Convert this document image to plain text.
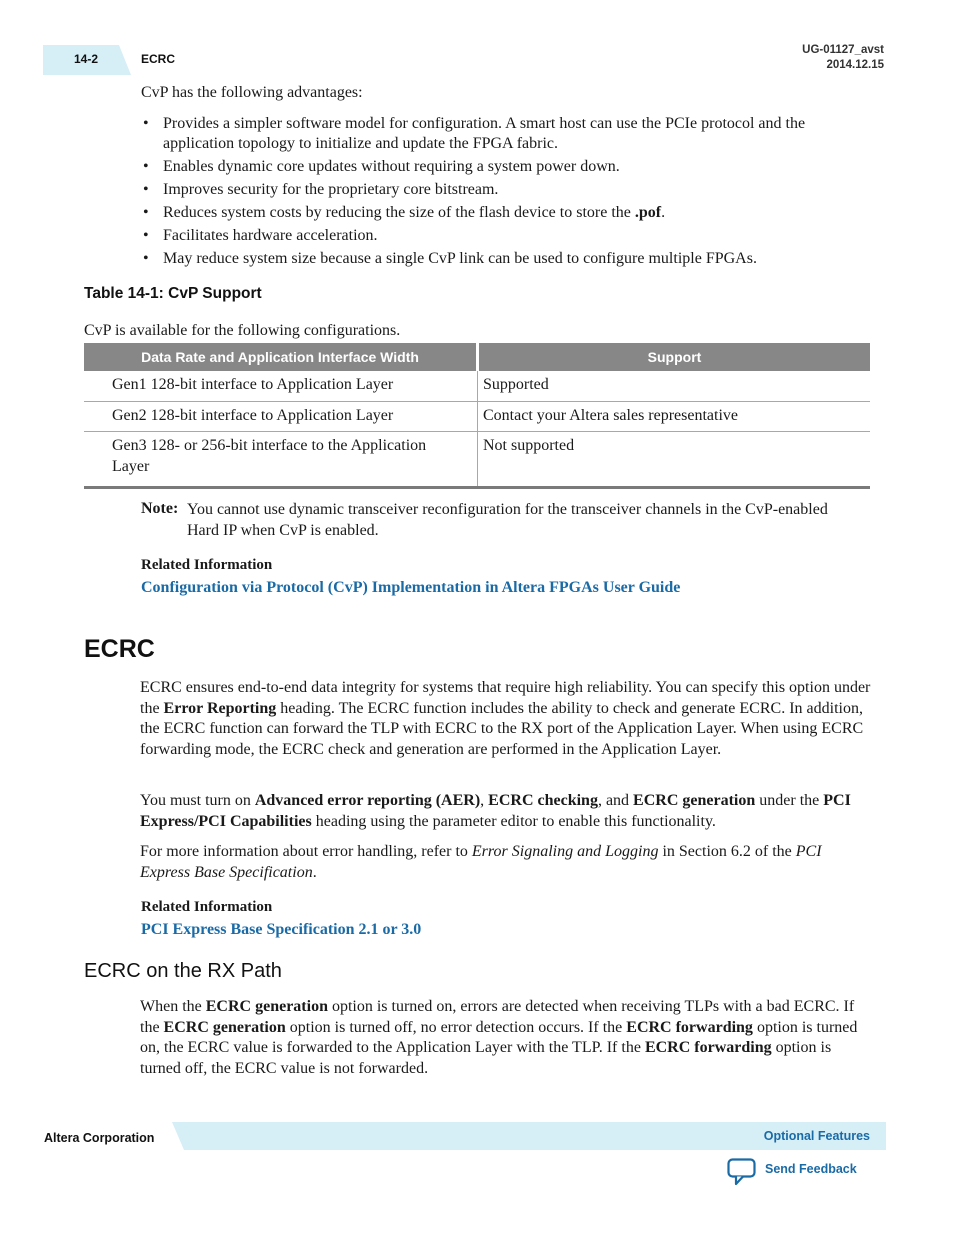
14-2	ECRC
UG-01127_avst
2014.12.15
CvP has the following advantages:
• Provides a simpler software model for configuration. A smart host can use the PCIe protocol and the application topology to initialize and update the FPGA fabric.
• Enables dynamic core updates without requiring a system power down.
• Improves security for the proprietary core bitstream.
• Reduces system costs by reducing the size of the flash device to store the .pof.
• Facilitates hardware acceleration.
• May reduce system size because a single CvP link can be used to configure multiple FPGAs.
Table 14-1: CvP Support
CvP is available for the following configurations.
Data Rate and Application Interface Width	Support
Gen1 128-bit interface to Application Layer	Supported
Gen2 128-bit interface to Application Layer	Contact your Altera sales representative
Gen3 128- or 256-bit interface to the Application Layer	Not supported
Note: You cannot use dynamic transceiver reconfiguration for the transceiver channels in the CvP-enabled Hard IP when CvP is enabled.
Related Information
Configuration via Protocol (CvP) Implementation in Altera FPGAs User Guide
ECRC
ECRC ensures end-to-end data integrity for systems that require high reliability. You can specify this option under the Error Reporting heading. The ECRC function includes the ability to check and generate ECRC. In addition, the ECRC function can forward the TLP with ECRC to the RX port of the Application Layer. When using ECRC forwarding mode, the ECRC check and generation are performed in the Application Layer.
You must turn on Advanced error reporting (AER), ECRC checking, and ECRC generation under the PCI Express/PCI Capabilities heading using the parameter editor to enable this functionality.
For more information about error handling, refer to Error Signaling and Logging in Section 6.2 of the PCI Express Base Specification.
Related Information
PCI Express Base Specification 2.1 or 3.0
ECRC on the RX Path
When the ECRC generation option is turned on, errors are detected when receiving TLPs with a bad ECRC. If the ECRC generation option is turned off, no error detection occurs. If the ECRC forwarding option is turned on, the ECRC value is forwarded to the Application Layer with the TLP. If the ECRC forwarding option is turned off, the ECRC value is not forwarded.
Altera Corporation	Optional Features
Send Feedback
